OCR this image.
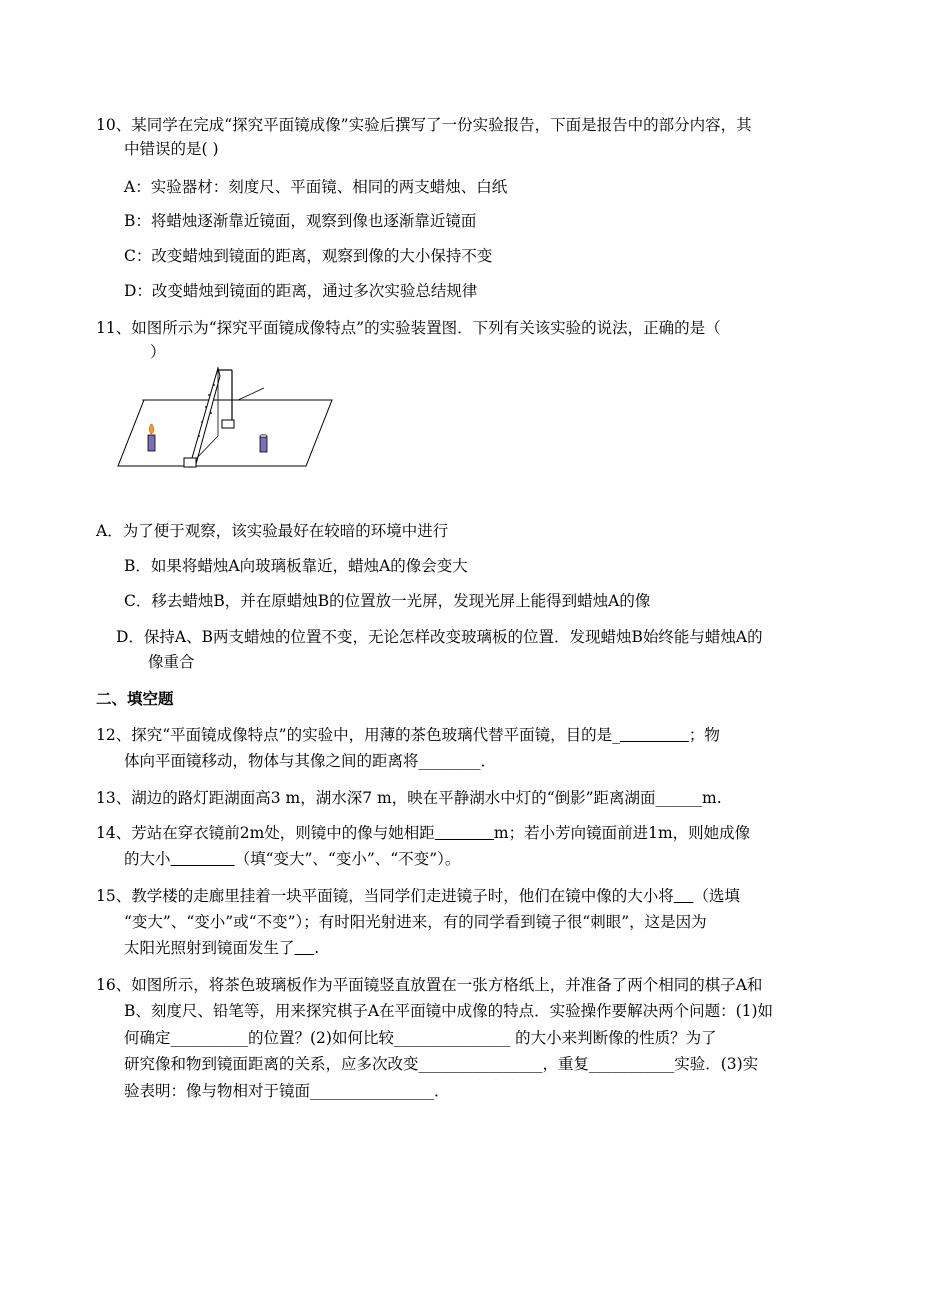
10、某同学在完成“探究平面镜成像”实验后撰写了一份实验报告，下面是报告中的部分内容，其
中错误的是( )
A：实验器材：刻度尺、平面镜、相同的两支蜡烛、白纸
B：将蜡烛逐渐靠近镜面，观察到像也逐渐靠近镜面
C：改变蜡烛到镜面的距离，观察到像的大小保持不变
D：改变蜡烛到镜面的距离，通过多次实验总结规律
11、如图所示为“探究平面镜成像特点”的实验装置图．下列有关该实验的说法，正确的是（
）
A．为了便于观察，该实验最好在较暗的环境中进行
B．如果将蜡烛A向玻璃板靠近，蜡烛A的像会变大
C．移去蜡烛B，并在原蜡烛B的位置放一光屏，发现光屏上能得到蜡烛A的像
D．保持A、B两支蜡烛的位置不变，无论怎样改变玻璃板的位置．发现蜡烛B始终能与蜡烛A的
像重合
二、填空题
12、探究“平面镜成像特点”的实验中，用薄的茶色玻璃代替平面镜，目的是_	；物
体向平面镜移动，物体与其像之间的距离将________．
13、湖边的路灯距湖面高3 m，湖水深7 m，映在平静湖水中灯的“倒影”距离湖面______m.
14、芳站在穿衣镜前2m处，则镜中的像与她相距	m；若小芳向镜面前进1m，则她成像
的大小	（填“变大”、“变小”、“不变”）。
15、教学楼的走廊里挂着一块平面镜，当同学们走进镜子时，他们在镜中像的大小将 （选填
“变大”、“变小”或“不变”）；有时阳光射进来，有的同学看到镜子很“刺眼”，这是因为
太阳光照射到镜面发生了 .
16、如图所示，将茶色玻璃板作为平面镜竖直放置在一张方格纸上，并准备了两个相同的棋子A和
B、刻度尺、铅笔等，用来探究棋子A在平面镜中成像的特点．实验操作要解决两个问题：(1)如
何确定__________的位置？(2)如何比较_______________ 的大小来判断像的性质？为了
研究像和物到镜面距离的关系，应多次改变________________，重复___________实验．(3)实
验表明：像与物相对于镜面________________．
